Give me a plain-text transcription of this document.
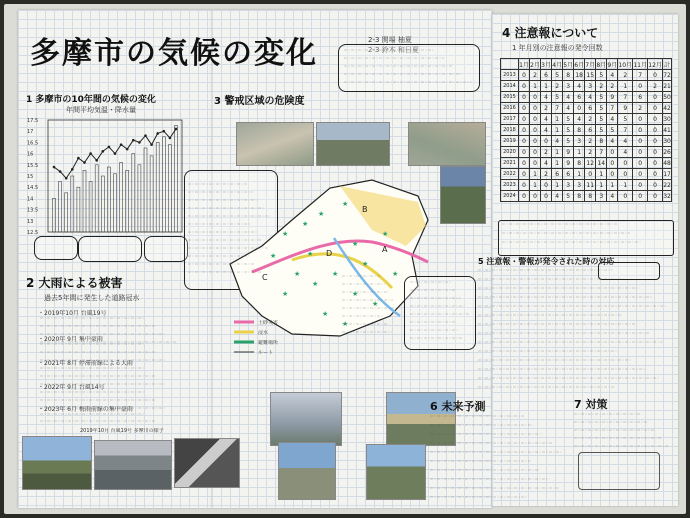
多摩市の気候の変化	2-3 関場 柚夏
2-3 鈴木 和日夏
1 多摩市の10年間の気候の変化
年間平均気温・降水量
17.5
17
16.5
16
15.5
15
14.5
14
13.5
13
12.5
2 大雨による被害
過去5年間に発生した道路冠水
・2019年10月 台風19号

・2020年 9月 集中豪雨
・2021年 8月 停滞前線による大雨
・2022年 9月 台風14号
・2023年 6月 梅雨前線の集中豪雨
2019年10月 台風19号 多摩川の様子
3 警戒区域の危険度
★
★
★
★
★
★
★
★
★
★
★
★
★
★
★
★
★
★
B
A
C
D
土砂災害
浸水
避難場所
ルート
4 注意報について
1 年月別の注意報の発令回数
	1月	2月	3月	4月	5月	6月	7月	8月	9月	10月	11月	12月	計
2013	0	2	6	5	8	18	15	5	4	2	7	0	72
2014	0	1	1	2	3	4	3	2	2	1	0	2	21
2015	0	0	4	5	4	6	4	5	9	7	6	0	50
2016	0	0	2	7	4	0	6	5	7	9	2	0	42
2017	0	0	4	1	5	4	2	5	4	5	0	0	30
2018	0	0	4	1	5	8	6	5	5	7	0	0	41
2019	0	0	0	4	5	3	2	8	4	4	0	0	30
2020	0	0	2	1	9	1	2	7	0	4	0	0	26
2021	0	0	4	1	9	8	12	14	0	0	0	0	48
2022	0	1	2	6	6	1	0	1	0	0	0	0	17
2023	0	1	0	1	3	3	11	1	1	1	0	0	22
2024	0	0	0	4	5	8	8	3	4	0	0	0	32
5 注意報・警報が発令された時の対応
6 未来予測	7 対策
